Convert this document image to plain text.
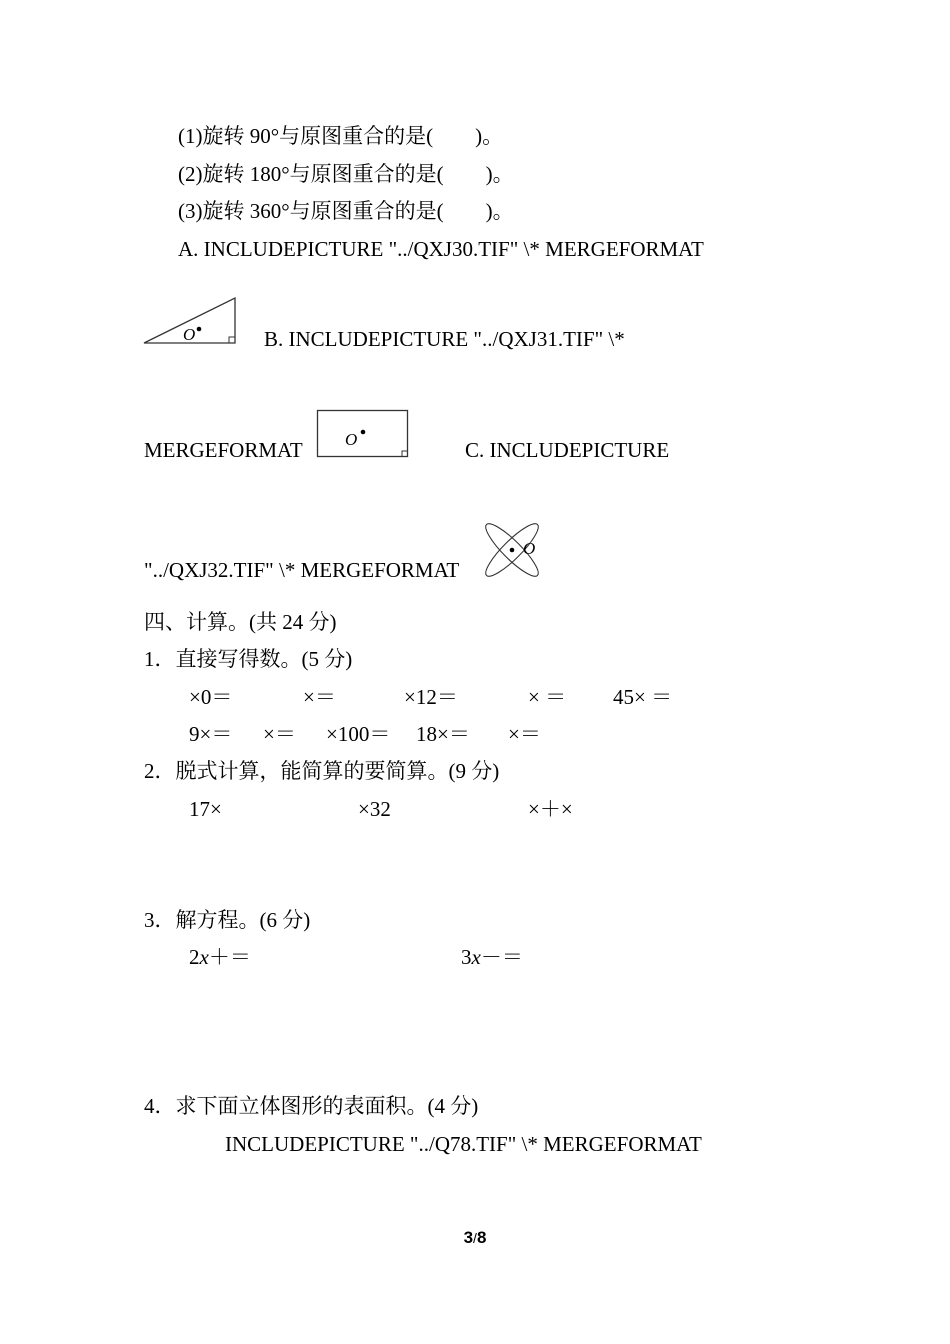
(1)旋转 90°与原图重合的是(　　)。
(2)旋转 180°与原图重合的是(　　)。
(3)旋转 360°与原图重合的是(　　)。
A. INCLUDEPICTURE "../QXJ30.TIF" \* MERGEFORMAT
O	B. INCLUDEPICTURE "../QXJ31.TIF" \*
MERGEFORMAT O	C. INCLUDEPICTURE
"../QXJ32.TIF" \* MERGEFORMAT
O
四、计算。(共 24 分)
1．直接写得数。(5 分)
×0＝	×＝	×12＝	× ＝ 45× ＝
9×＝ ×＝ ×100＝ 18×＝ ×＝
2．脱式计算，能简算的要简算。(9 分)
17×	×32	×＋×
3．解方程。(6 分)
2x＋＝	3x－＝
4．求下面立体图形的表面积。(4 分)
INCLUDEPICTURE "../Q78.TIF" \* MERGEFORMAT
3/8
